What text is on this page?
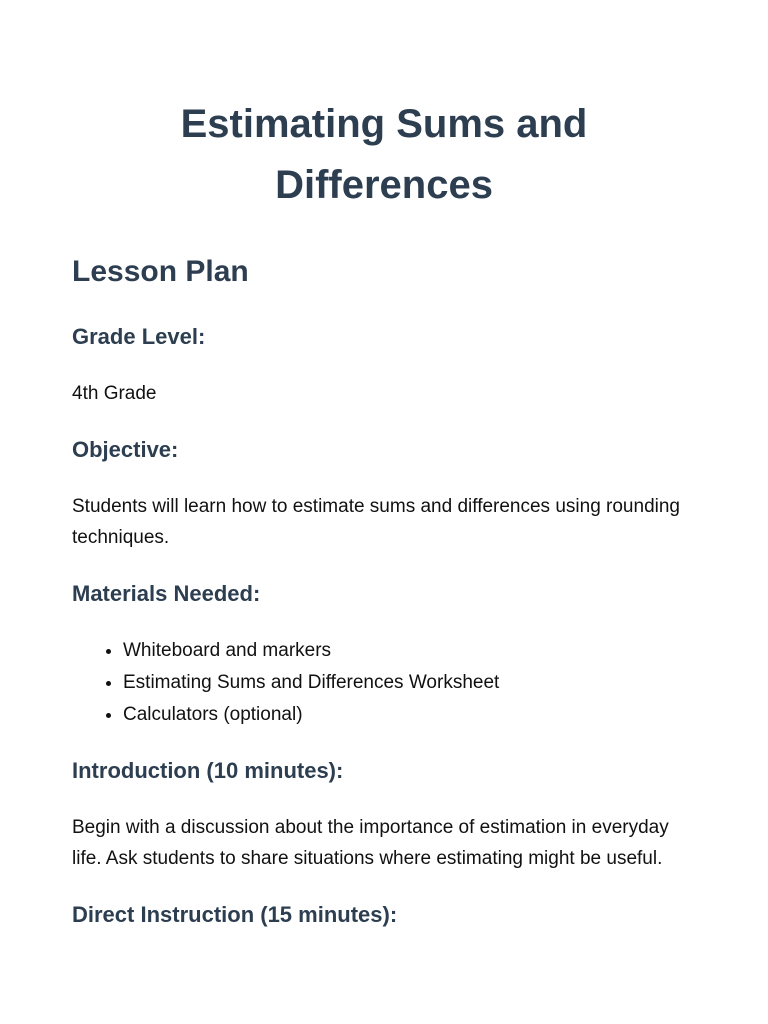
Estimating Sums and Differences
Lesson Plan
Grade Level:

4th Grade

Objective:

Students will learn how to estimate sums and differences using rounding techniques.

Materials Needed:
• Whiteboard and markers
• Estimating Sums and Differences Worksheet
• Calculators (optional)
Introduction (10 minutes):

Begin with a discussion about the importance of estimation in everyday life. Ask students to share situations where estimating might be useful.

Direct Instruction (15 minutes):
